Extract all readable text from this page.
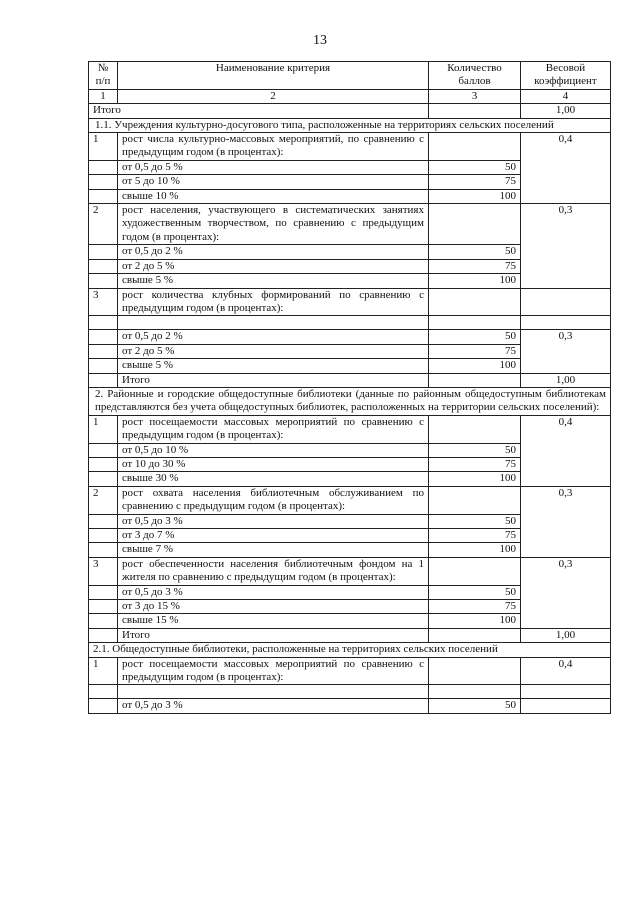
13
№ п/п	Наименование критерия	Количество баллов	Весовой коэффициент
1	2	3	4
Итого			1,00
1.1. Учреждения культурно-досугового типа, расположенные на территориях сельских поселений			
1	рост числа культурно-массовых мероприятий, по сравнению с предыдущим годом (в процентах):		0,4
	от 0,5 до 5 %	50	
	от 5 до 10 %	75	
	свыше 10 %	100	
2	рост населения, участвующего в систематических занятиях художественным творчеством, по сравнению с предыдущим годом (в процентах):		0,3
	от 0,5 до 2 %	50	
	от 2 до 5 %	75	
	свыше 5 %	100	
3	рост количества клубных формирований по сравнению с предыдущим годом (в процентах):		

	от 0,5 до 2 %	50	0,3
	от 2 до 5 %	75	
	свыше 5 %	100	
	Итого		1,00
2. Районные и городские общедоступные библиотеки (данные по районным общедоступным библиотекам представляются без учета общедоступных библиотек, расположенных на территории сельских поселений):			
1	рост посещаемости массовых мероприятий по сравнению с предыдущим годом (в процентах):		0,4
	от 0,5 до 10 %	50	
	от 10 до 30 %	75	
	свыше 30 %	100	
2	рост охвата населения библиотечным обслуживанием по сравнению с предыдущим годом (в процентах):		0,3
	от 0,5 до 3 %	50	
	от 3 до 7 %	75	
	свыше 7 %	100	
3	рост обеспеченности населения библиотечным фондом на 1 жителя по сравнению с предыдущим годом (в процентах):		0,3
	от 0,5 до 3 %	50	
	от 3 до 15 %	75	
	свыше 15 %	100	
	Итого		1,00
2.1. Общедоступные библиотеки, расположенные на территориях сельских поселений			
1	рост посещаемости массовых мероприятий по сравнению с предыдущим годом (в процентах):		0,4

	от 0,5 до 3 %	50	
